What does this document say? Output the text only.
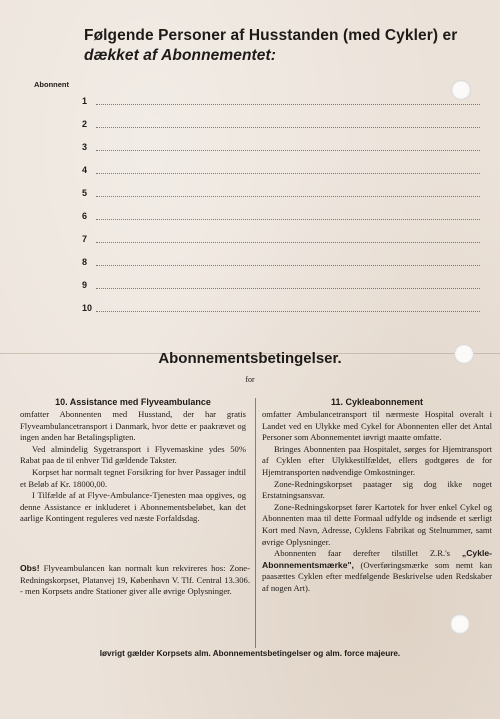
Følgende Personer af Husstanden (med Cykler) er
dækket af Abonnementet:
Abonnent
1
2
3
4
5
6
7
8
9
10
Abonnementsbetingelser.
for
10. Assistance med Flyveambulance

omfatter Abonnenten med Husstand, der har gratis Flyveambulancetransport i Danmark, hvor dette er paakrævet og ingen anden har Betalingspligten.

Ved almindelig Sygetransport i Flyvemaskine ydes 50% Rabat paa de til enhver Tid gældende Takster.

Korpset har normalt tegnet Forsikring for hver Passager indtil et Beløb af Kr. 18000,00.

I Tilfælde af at Flyve-Ambulance-Tjenesten maa opgives, og denne Assistance er inkluderet i Abonnementsbeløbet, kan det aarlige Kontingent reguleres ved næste Forfaldsdag.

Obs! Flyveambulancen kan normalt kun rekvireres hos: Zone-Redningskorpset, Platanvej 19, København V. Tlf. Central 13.306. - men Korpsets andre Stationer giver alle øvrige Oplysninger.
11. Cykleabonnement

omfatter Ambulancetransport til nærmeste Hospital overalt i Landet ved en Ulykke med Cykel for Abonnenten eller det Antal Personer som Abonnementet iøvrigt maatte omfatte.

Bringes Abonnenten paa Hospitalet, sørges for Hjemtransport af Cyklen efter Ulykkestilfældet, ellers godtgøres de for Hjemtransporten nødvendige Omkostninger.

Zone-Redningskorpset paatager sig dog ikke noget Erstatningsansvar.

Zone-Redningskorpset fører Kartotek for hver enkel Cykel og Abonnenten maa til dette Formaal udfylde og indsende et særligt Kort med Navn, Adresse, Cyklens Fabrikat og Stelnummer, samt øvrige Oplysninger.

Abonnenten faar derefter tilstillet Z.R.'s „Cykle-Abonnementsmærke", (Overføringsmærke som nemt kan paasættes Cyklen efter medfølgende Beskrivelse uden Redskaber af nogen Art).

Iøvrigt gælder Korpsets alm. Abonnementsbetingelser og alm. force majeure.
